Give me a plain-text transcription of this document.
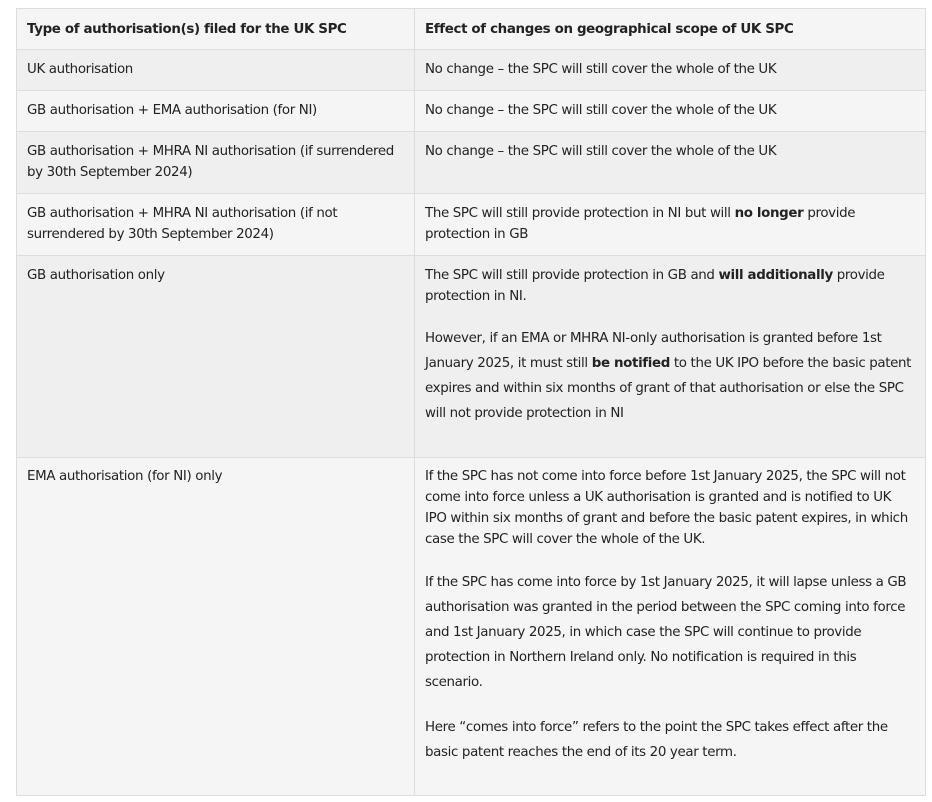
Type of authorisation(s) filed for the UK SPC	Effect of changes on geographical scope of UK SPC
UK authorisation	No change – the SPC will still cover the whole of the UK

GB authorisation + EMA authorisation (for NI)	No change – the SPC will still cover the whole of the UK

GB authorisation + MHRA NI authorisation (if surrendered by 30th September 2024)	No change – the SPC will still cover the whole of the UK

GB authorisation + MHRA NI authorisation (if not surrendered by 30th September 2024)	The SPC will still provide protection in NI but will no longer provide protection in GB

GB authorisation only	The SPC will still provide protection in GB and will additionally provide protection in NI.

However, if an EMA or MHRA NI-only authorisation is granted before 1st January 2025, it must still be notified to the UK IPO before the basic patent expires and within six months of grant of that authorisation or else the SPC will not provide protection in NI

EMA authorisation (for NI) only	If the SPC has not come into force before 1st January 2025, the SPC will not come into force unless a UK authorisation is granted and is notified to UK IPO within six months of grant and before the basic patent expires, in which case the SPC will cover the whole of the UK.

If the SPC has come into force by 1st January 2025, it will lapse unless a GB authorisation was granted in the period between the SPC coming into force and 1st January 2025, in which case the SPC will continue to provide protection in Northern Ireland only. No notification is required in this scenario.

Here “comes into force” refers to the point the SPC takes effect after the basic patent reaches the end of its 20 year term.
